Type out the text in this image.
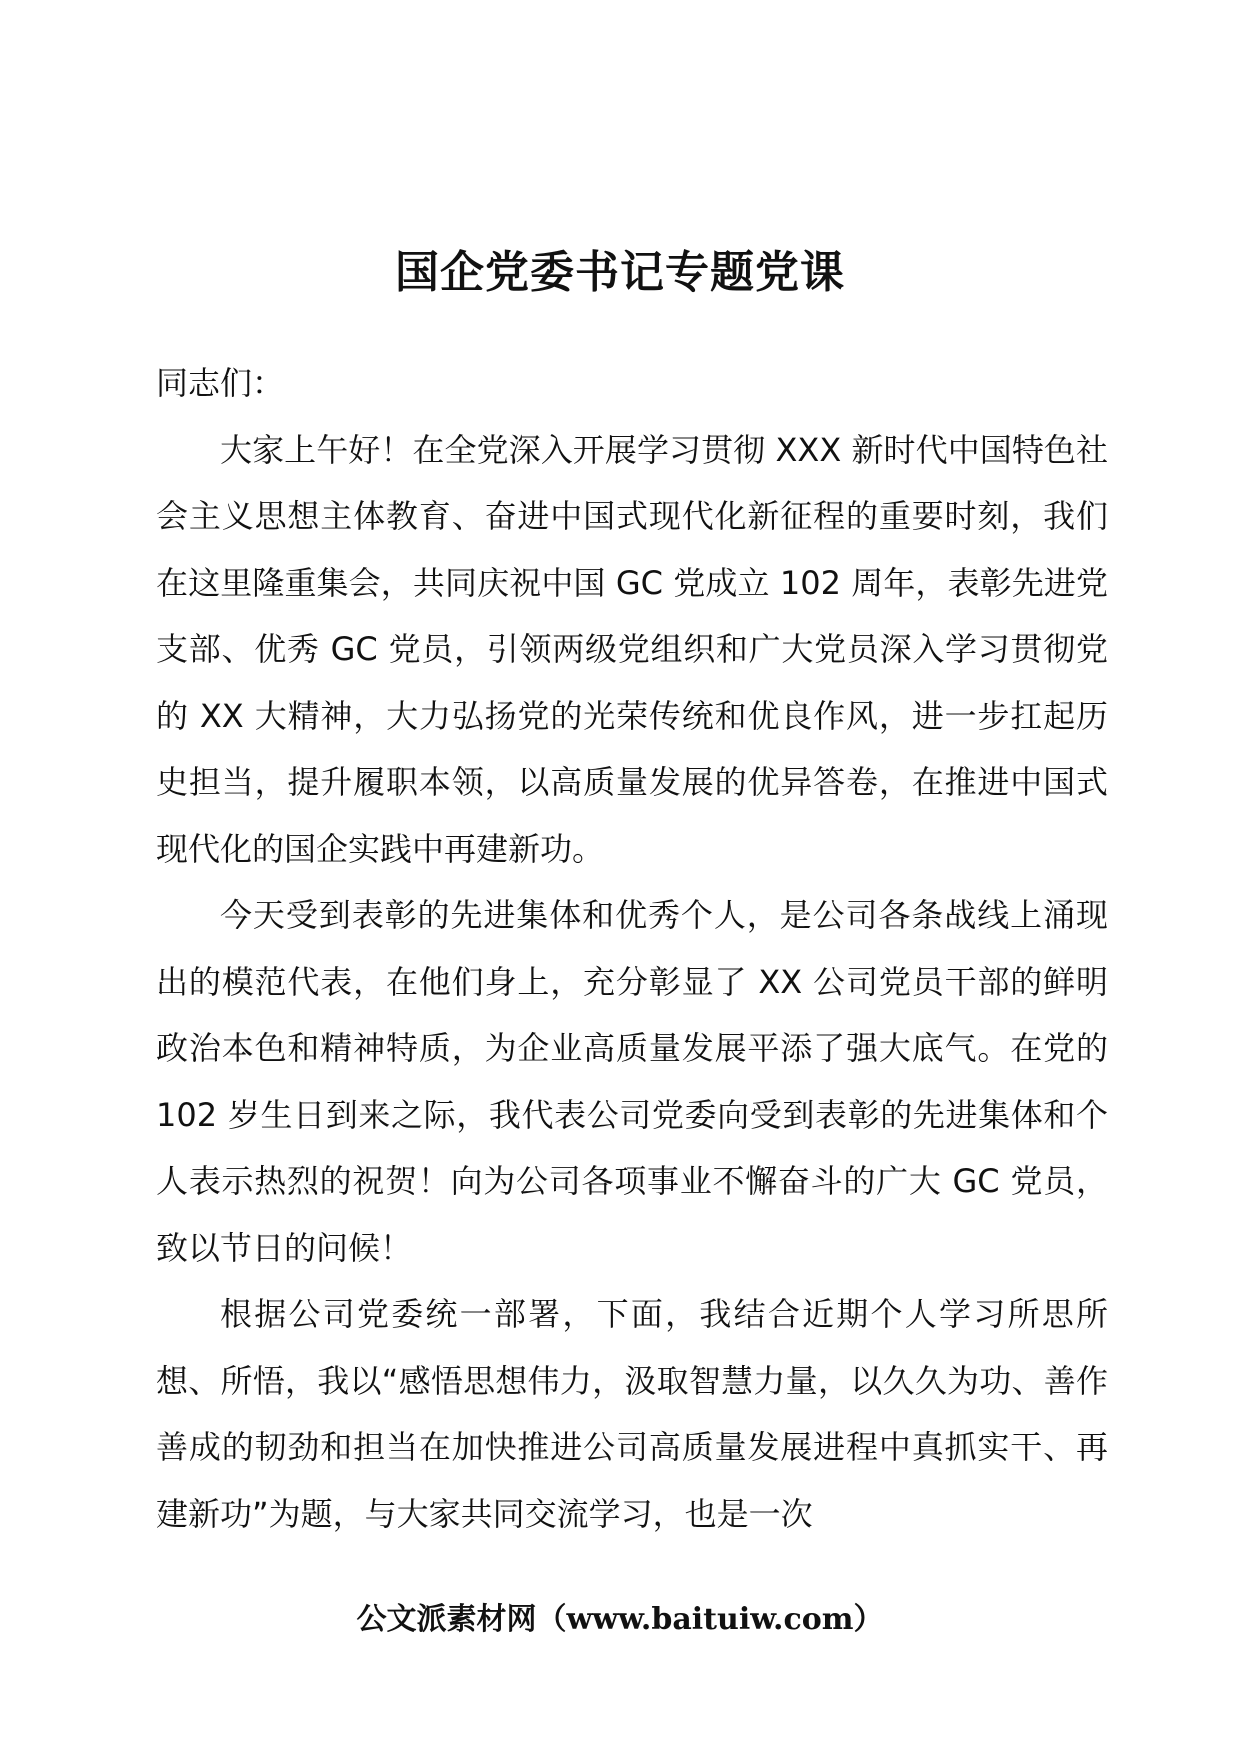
国企党委书记专题党课

同志们：

大家上午好！在全党深入开展学习贯彻 XXX 新时代中国特色社会主义思想主体教育、奋进中国式现代化新征程的重要时刻，我们在这里隆重集会，共同庆祝中国 GC 党成立 102 周年，表彰先进党支部、优秀 GC 党员，引领两级党组织和广大党员深入学习贯彻党的 XX 大精神，大力弘扬党的光荣传统和优良作风，进一步扛起历史担当，提升履职本领，以高质量发展的优异答卷，在推进中国式现代化的国企实践中再建新功。

今天受到表彰的先进集体和优秀个人，是公司各条战线上涌现出的模范代表，在他们身上，充分彰显了 XX 公司党员干部的鲜明政治本色和精神特质，为企业高质量发展平添了强大底气。在党的 102 岁生日到来之际，我代表公司党委向受到表彰的先进集体和个人表示热烈的祝贺！向为公司各项事业不懈奋斗的广大 GC 党员，致以节日的问候！

根据公司党委统一部署，下面，我结合近期个人学习所思所想、所悟，我以“感悟思想伟力，汲取智慧力量，以久久为功、善作善成的韧劲和担当在加快推进公司高质量发展进程中真抓实干、再建新功”为题，与大家共同交流学习，也是一次

公文派素材网（www.baituiw.com）
